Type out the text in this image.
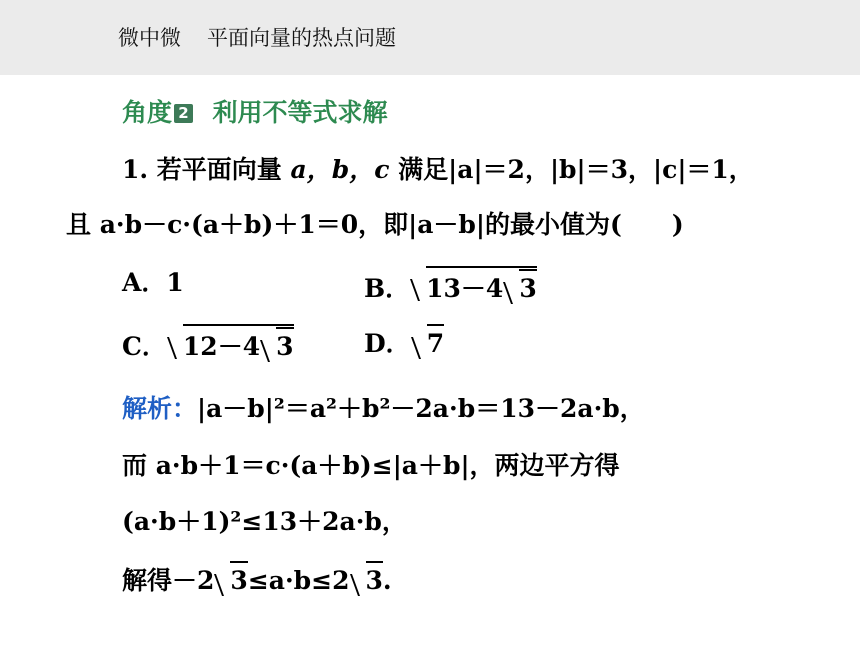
微中微 平面向量的热点问题
角度 2 利用不等式求解
1. 若平面向量 a，b，c 满足|a|＝2，|b|＝3，|c|＝1，
且 a·b－c·(a＋b)＋1＝0，即|a－b|的最小值为(　　)
A．1	B． 13－4 3
C． 12－4 3	D． 7
解析：|a－b|²＝a²＋b²－2a·b＝13－2a·b，
而 a·b＋1＝c·(a＋b)≤|a＋b|，两边平方得
(a·b＋1)²≤13＋2a·b，
解得－2 3≤a·b≤2 3.
